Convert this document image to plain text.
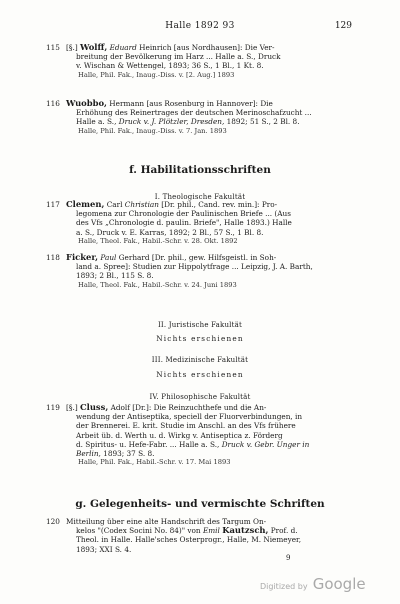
Halle 1892 93	129
115 [§.] Wolff, Eduard Heinrich [aus Nordhausen]: Die Ver-
breitung der Bevölkerung im Harz ... Halle a. S., Druck
v. Wischan & Wettengel, 1893; 36 S., 1 Bl., 1 Kt. 8.
Halle, Phil. Fak., Inaug.-Diss. v. [2. Aug.] 1893
116 Wuobbo, Hermann [aus Rosenburg in Hannover]: Die
Erhöhung des Reinertrages der deutschen Merinoschafzucht ...
Halle a. S., Druck v. J. Plötzler, Dresden, 1892; 51 S., 2 Bl. 8.
Halle, Phil. Fak., Inaug.-Diss. v. 7. Jan. 1893
f. Habilitationsschriften
I. Theologische Fakultät
117 Clemen, Carl Christian [Dr. phil., Cand. rev. min.]: Pro-
legomena zur Chronologie der Paulinischen Briefe ... (Aus
des Vfs „Chronologie d. paulin. Briefe", Halle 1893.) Halle
a. S., Druck v. E. Karras, 1892; 2 Bl., 57 S., 1 Bl. 8.
Halle, Theol. Fak., Habil.-Schr. v. 28. Okt. 1892
118 Ficker, Paul Gerhard [Dr. phil., gew. Hilfsgeistl. in Soh-
land a. Spree]: Studien zur Hippolytfrage ... Leipzig, J. A. Barth,
1893; 2 Bl., 115 S. 8.
Halle, Theol. Fak., Habil.-Schr. v. 24. Juni 1893
II. Juristische Fakultät
Nichts erschienen
III. Medizinische Fakultät
Nichts erschienen
IV. Philosophische Fakultät
119 [§.] Cluss, Adolf [Dr.]: Die Reinzuchthefe und die An-
wendung der Antiseptika, speciell der Fluorverbindungen, in
der Brennerei. E. krit. Studie im Anschl. an des Vfs frühere
Arbeit üb. d. Werth u. d. Wirkg v. Antiseptica z. Förderg
d. Spiritus- u. Hefe-Fabr. ... Halle a. S., Druck v. Gebr. Unger in
Berlin, 1893; 37 S. 8.
Halle, Phil. Fak., Habil.-Schr. v. 17. Mai 1893
g. Gelegenheits- und vermischte Schriften
120 Mitteilung über eine alte Handschrift des Targum On-
kelos "(Codex Socini No. 84)" von Emil Kautzsch, Prof. d.
Theol. in Halle. Halle'sches Osterprogr., Halle, M. Niemeyer,
1893; XXI S. 4.
9
Digitized by Google
